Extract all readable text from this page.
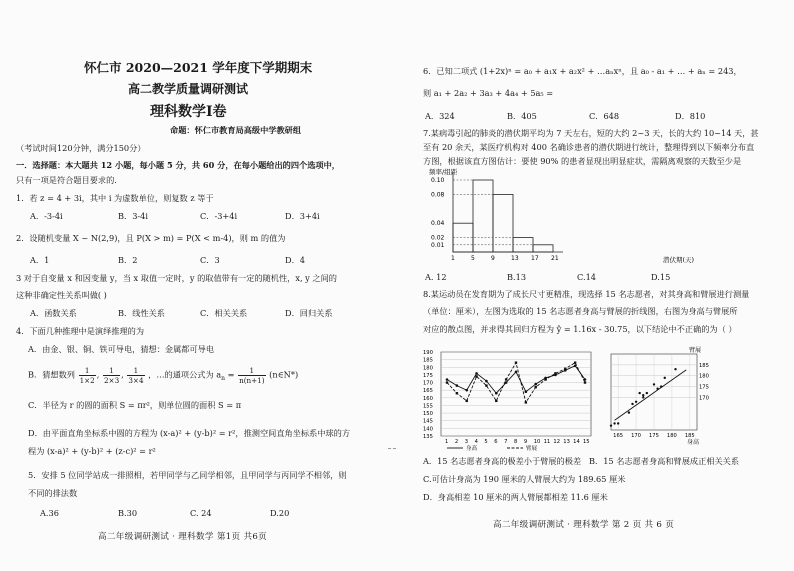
怀仁市 2020—2021 学年度下学期期末
高二教学质量调研测试
理科数学Ⅰ卷
命题：怀仁市教育局高级中学教研组
（考试时间120分钟，满分150分）
一．选择题：本大题共 12 小题，每小题 5 分，共 60 分，在每小题给出的四个选项中，
只有一项是符合题目要求的．
1．若 z = 4 + 3i，其中 i 为虚数单位，则复数 z 等于
A．-3-4i	B．3-4i	C．-3+4i	D．3+4i
2．设随机变量 X ~ N(2,9)，且 P(X > m) = P(X < m-4)，则 m 的值为
A．1	B．2	C．3	D．4
3 对于自变量 x 和因变量 y，当 x 取值一定时，y 的取值带有一定的随机性，x, y 之间的
这种非确定性关系叫做( )
A．函数关系	B．线性关系	C．相关关系	D．回归关系
4．下面几种推理中是演绎推理的为
A．由金、银、铜、铁可导电，猜想：金属都可导电
B．猜想数列 $\frac{1}{1\times 2}$ , $\frac{1}{2\times 3}$ , $\frac{1}{3\times 4}$ ，…的通项公式为 $a_n = \frac{1}{n(n+1)}$ (n∈N*)
C．半径为 r 的圆的面积 S = πr²，则单位圆的面积 S = π
D．由平面直角坐标系中圆的方程为 (x-a)² + (y-b)² = r²，推测空间直角坐标系中球的方
程为 (x-a)² + (y-b)² + (z-c)² = r²
5．安排 5 位同学站成一排照相，若甲同学与乙同学相邻，且甲同学与丙同学不相邻，则
不同的排法数
A.36	B.30	C. 24	D.20
高二年级调研测试 · 理科数学 第1页 共6页
6．已知二项式 (1+2x)ⁿ = a₀ + a₁x + a₂x² + …aₙxⁿ，且 a₀ - a₁ + … + aₙ = 243，
则 a₁ + 2a₂ + 3a₃ + 4a₄ + 5a₅ =
A．324	B．405	C．648	D．810
7.某病毒引起的肺炎的潜伏期平均为 7 天左右，短的大约 2~3 天，长的大约 10~14 天，甚
至有 20 余天，某医疗机构对 400 名确诊患者的潜伏期进行统计，整理得到以下频率分布直
方图，根据该直方图估计：要使 90% 的患者显现出明显症状，需隔离观察的天数至少是
频率/组距
0.10
0.08
0.04
0.02
0.01
1	5	9	13 17 21	潜伏期(天)
A. 12	B.13	C.14	D.15
8.某运动员在发育期为了成长尺寸更精准，现选择 15 名志愿者，对其身高和臂展进行测量
（单位：厘米），左图为选取的 15 名志愿者身高与臂展的折线图，右图为身高与臂展所
对应的散点图，并求得其回归方程为 ŷ = 1.16x - 30.75，以下结论中不正确的为（ ）
190
185
180
175
170
165
160
155
150
145
140
135
1 2 3 4 5 6 7 8 9 10 11 12 13 14 15
身高	臂展
臂展
185
180
175
170
165 170 175 180 185
身高
A．15 名志愿者身高的极差小于臂展的极差 B．15 名志愿者身高和臂展成正相关关系
C.可估计身高为 190 厘米的人臂展大约为 189.65 厘米
D．身高相差 10 厘米的两人臂展都相差 11.6 厘米
高二年级调研测试 · 理科数学 第 2 页 共 6 页
